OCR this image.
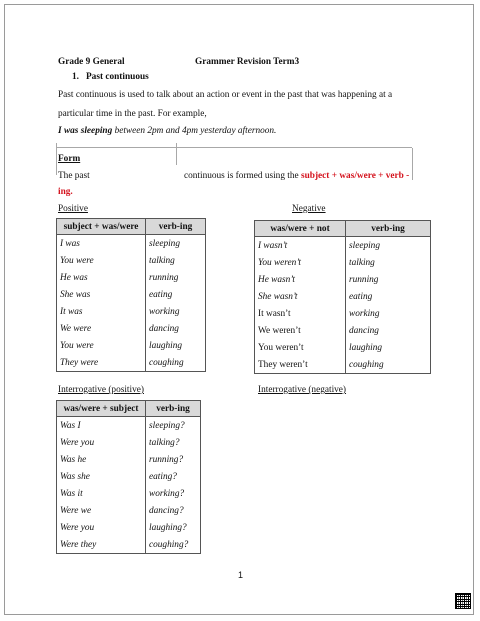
Grade 9 General	Grammer Revision Term3
1. Past continuous
Past continuous is used to talk about an action or event in the past that was happening at a
particular time in the past. For example,
I was sleeping between 2pm and 4pm yesterday afternoon.
Form
The past	continuous is formed using the subject + was/were + verb -
ing.
Positive
subject + was/were	verb-ing
I was	sleeping
You were	talking
He was	running
She was	eating
It was	working
We were	dancing
You were	laughing
They were	coughing
Negative
was/were + not	verb-ing
I wasn’t	sleeping
You weren’t	talking
He wasn’t	running
She wasn’t	eating
It wasn’t	working
We weren’t	dancing
You weren’t	laughing
They weren’t	coughing
Interrogative (positive)
was/were + subject	verb-ing
Was I	sleeping?
Were you	talking?
Was he	running?
Was she	eating?
Was it	working?
Were we	dancing?
Were you	laughing?
Were they	coughing?
Interrogative (negative)
1
